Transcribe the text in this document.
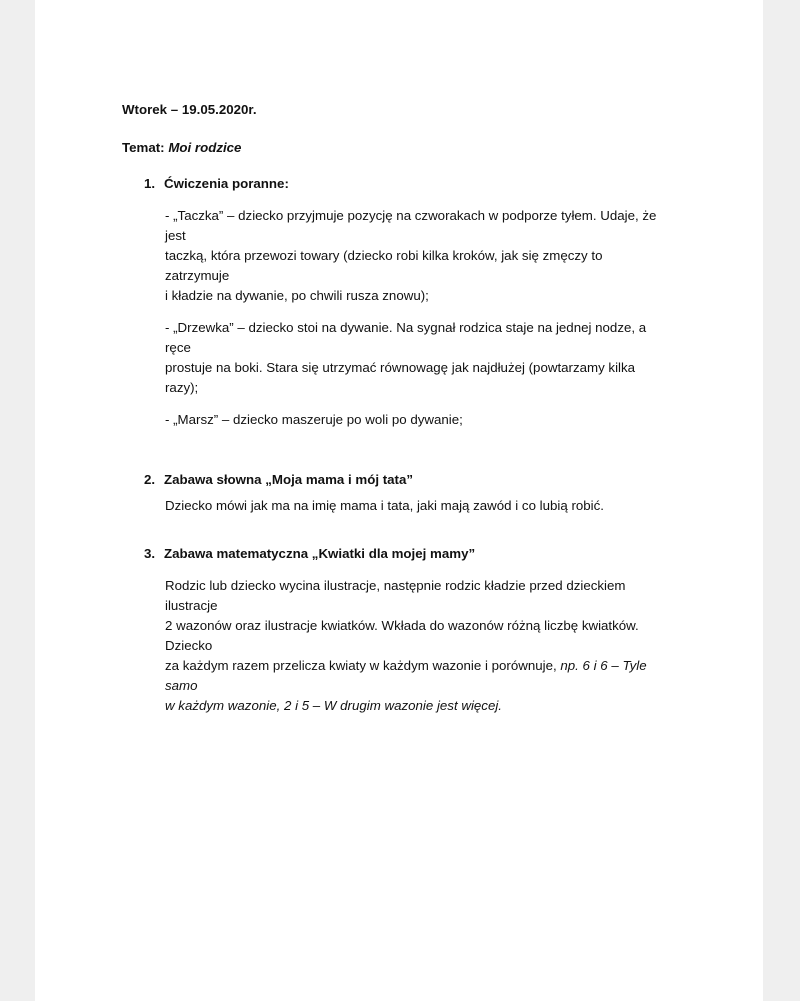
Wtorek – 19.05.2020r.

Temat: Moi rodzice

1. Ćwiczenia poranne:

- „Taczka” – dziecko przyjmuje pozycję na czworakach w podporze tyłem. Udaje, że jest
taczką, która przewozi towary (dziecko robi kilka kroków, jak się zmęczy to zatrzymuje
i kładzie na dywanie, po chwili rusza znowu);

- „Drzewka” – dziecko stoi na dywanie. Na sygnał rodzica staje na jednej nodze, a ręce
prostuje na boki. Stara się utrzymać równowagę jak najdłużej (powtarzamy kilka razy);

- „Marsz” – dziecko maszeruje po woli po dywanie;

2. Zabawa słowna „Moja mama i mój tata”

Dziecko mówi jak ma na imię mama i tata, jaki mają zawód i co lubią robić.

3. Zabawa matematyczna „Kwiatki dla mojej mamy”

Rodzic lub dziecko wycina ilustracje, następnie rodzic kładzie przed dzieckiem ilustracje
2 wazonów oraz ilustracje kwiatków. Wkłada do wazonów różną liczbę kwiatków. Dziecko
za każdym razem przelicza kwiaty w każdym wazonie i porównuje, np. 6 i 6 – Tyle samo
w każdym wazonie, 2 i 5 – W drugim wazonie jest więcej.
